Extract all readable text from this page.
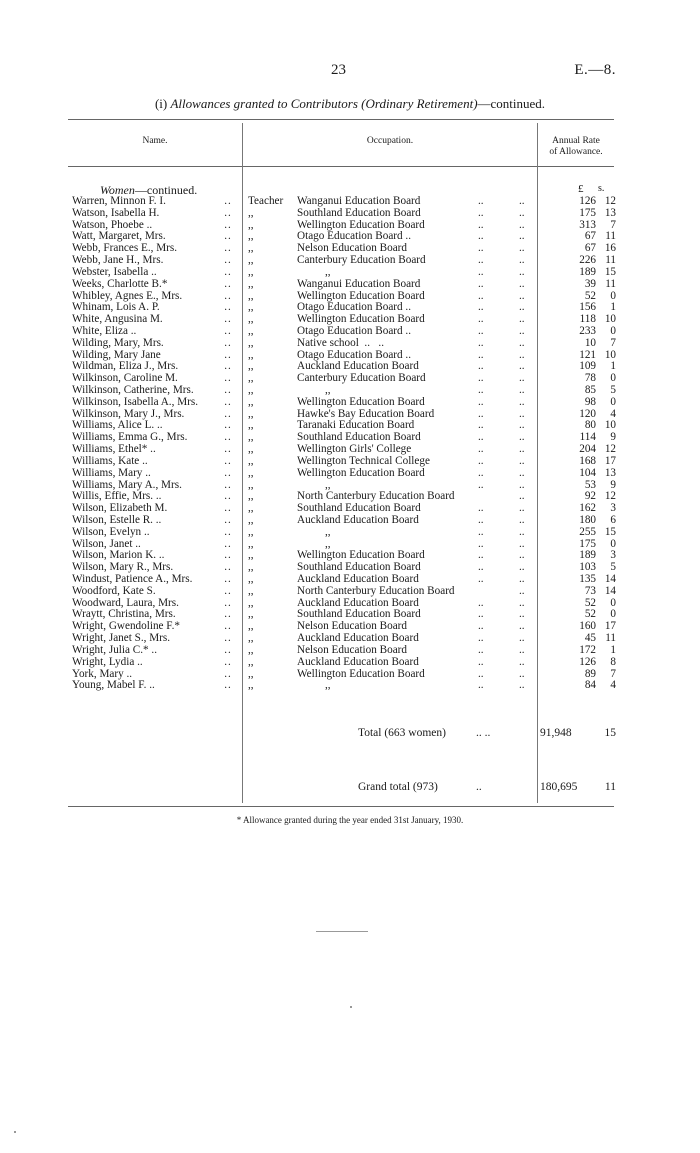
23	E.—8.
(i) Allowances granted to Contributors (Ordinary Retirement)—continued.
Name.	Occupation.	Annual Rate
of Allowance.
Women—continued.	£ s.
Warren, Minnon F. I.	..	Teacher Wanganui Education Board	..	..	126 12
Watson, Isabella H.	..	,,	Southland Education Board	..	..	175 13
Watson, Phoebe ..	..	,,	Wellington Education Board	..	..	313	7
Watt, Margaret, Mrs.	..	,,	Otago Education Board ..	..	..	67 11
Webb, Frances E., Mrs.	..	,,	Nelson Education Board	..	..	67 16
Webb, Jane H., Mrs.	..	,,	Canterbury Education Board	..	..	226 11
Webster, Isabella ..	..	,,	,,	..	..	189 15
Weeks, Charlotte B.*	..	,,	Wanganui Education Board	..	..	39 11
Whibley, Agnes E., Mrs.	..	,,	Wellington Education Board	..	..	52	0
Whinam, Lois A. P.	..	,,	Otago Education Board ..	..	..	156	1
White, Angusina M.	..	,,	Wellington Education Board	..	..	118 10
White, Eliza ..	..	,,	Otago Education Board ..	..	..	233	0
Wilding, Mary, Mrs.	..	,,	Native school  ..   ..	..	..	10	7
Wilding, Mary Jane	..	,,	Otago Education Board ..	..	..	121 10
Wildman, Eliza J., Mrs.	..	,,	Auckland Education Board	..	..	109	1
Wilkinson, Caroline M.	..	,,	Canterbury Education Board	..	..	78	0
Wilkinson, Catherine, Mrs.	..	,,	,,	..	..	85	5
Wilkinson, Isabella A., Mrs.	..	,,	Wellington Education Board	..	..	98	0
Wilkinson, Mary J., Mrs.	..	,,	Hawke's Bay Education Board	..	..	120	4
Williams, Alice L. ..	..	,,	Taranaki Education Board	..	..	80 10
Williams, Emma G., Mrs.	..	,,	Southland Education Board	..	..	114	9
Williams, Ethel* ..	..	,,	Wellington Girls' College	..	..	204 12
Williams, Kate ..	..	,,	Wellington Technical College	..	..	168 17
Williams, Mary ..	..	,,	Wellington Education Board	..	..	104 13
Williams, Mary A., Mrs.	..	,,	,,	..	..	53	9
Willis, Effie, Mrs. ..	..	,,	North Canterbury Education Board	..	92 12
Wilson, Elizabeth M.	..	,,	Southland Education Board	..	..	162	3
Wilson, Estelle R. ..	..	,,	Auckland Education Board	..	..	180	6
Wilson, Evelyn ..	..	,,	,,	..	..	255 15
Wilson, Janet ..	..	,,	,,	..	..	175	0
Wilson, Marion K. ..	..	,,	Wellington Education Board	..	..	189	3
Wilson, Mary R., Mrs.	..	,,	Southland Education Board	..	..	103	5
Windust, Patience A., Mrs.	..	,,	Auckland Education Board	..	..	135 14
Woodford, Kate S.	..	,,	North Canterbury Education Board	..	73 14
Woodward, Laura, Mrs.	..	,,	Auckland Education Board	..	..	52	0
Wraytt, Christina, Mrs.	..	,,	Southland Education Board	..	..	52	0
Wright, Gwendoline F.*	..	,,	Nelson Education Board	..	..	160 17
Wright, Janet S., Mrs.	..	,,	Auckland Education Board	..	..	45 11
Wright, Julia C.* ..	..	,,	Nelson Education Board	..	..	172	1
Wright, Lydia ..	..	,,	Auckland Education Board	..	..	126	8
York, Mary ..	..	,,	Wellington Education Board	..	..	89	7
Young, Mabel F. ..	..	,,	,,	..	..	84	4
Total (663 women)	.. ..	91,948	15
Grand total (973)	..	180,695	11
* Allowance granted during the year ended 31st January, 1930.
